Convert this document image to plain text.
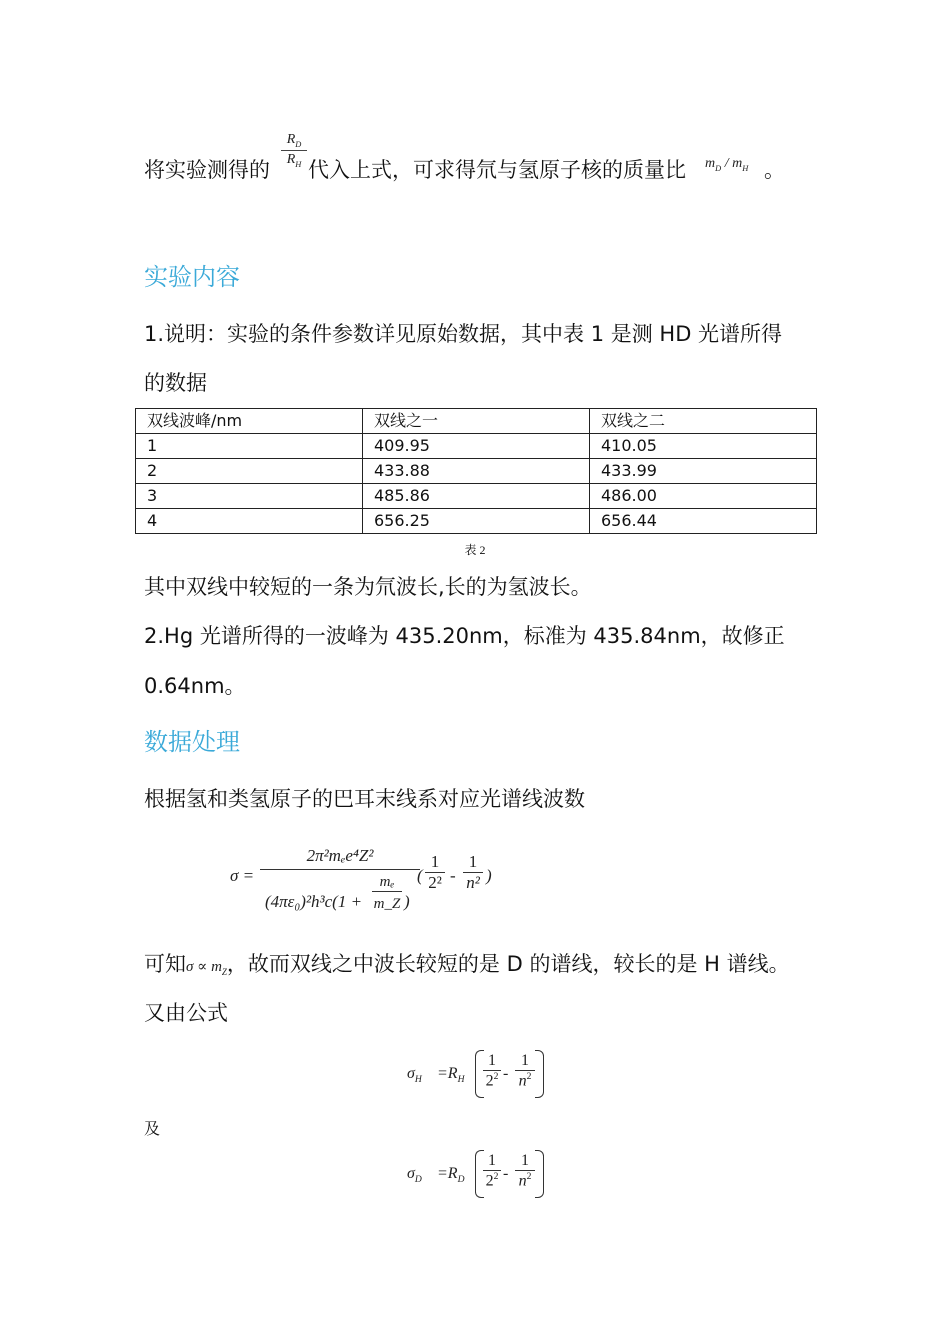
将实验测得的
$R_D$
$R_H$ 代入上式，可求得氘与氢原子核的质量比 $m_D / m_H$ 。
实验内容
1.说明：实验的条件参数详见原始数据，其中表 1 是测 HD 光谱所得
的数据
双线波峰/nm	双线之一	双线之二
1	409.95	410.05
2	433.88	433.99
3	485.86	486.00
4	656.25	656.44
表 2
其中双线中较短的一条为氘波长,长的为氢波长。
2.Hg 光谱所得的一波峰为 435.20nm，标准为 435.84nm，故修正
0.64nm。
数据处理
根据氢和类氢原子的巴耳末线系对应光谱线波数
σ =
2π²mₑe⁴Z²
(4πε₀)²h³c(1 +
mₑ
m_Z )
(
1
2² -
1
n² )
可知$\sigma \propto m_Z$，故而双线之中波长较短的是 D 的谱线，较长的是 H 谱线。
又由公式
$\sigma_H =R_H$
1
$2^2$ -
1
$n^2$
及
$\sigma_D =R_D$
1
$2^2$ -
1
$n^2$
